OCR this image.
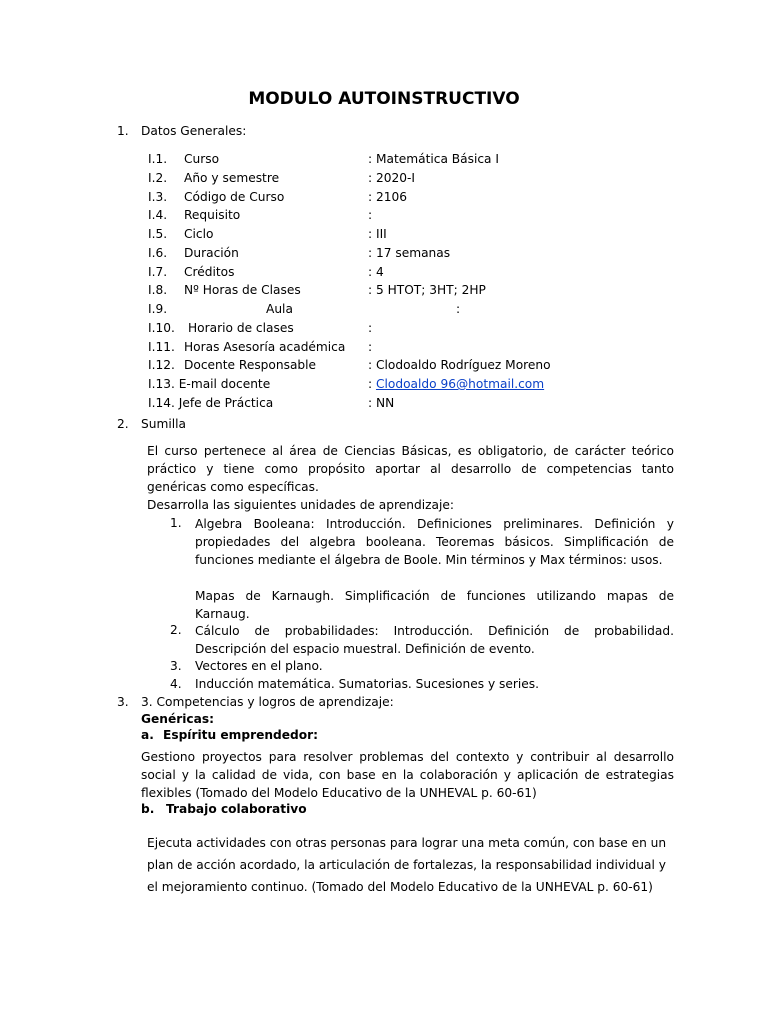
MODULO AUTOINSTRUCTIVO
1. Datos Generales:
I.1. Curso	: Matemática Básica I
I.2. Año y semestre	: 2020-I
I.3. Código de Curso	: 2106
I.4. Requisito	:
I.5. Ciclo	: III
I.6. Duración	: 17 semanas
I.7. Créditos	: 4
I.8. Nº Horas de Clases	: 5 HTOT; 3HT; 2HP
I.9.	Aula	:
I.10. Horario de clases	:
I.11. Horas Asesoría académica :
I.12. Docente Responsable	: Clodoaldo Rodríguez Moreno
I.13. E-mail docente	: Clodoaldo 96@hotmail.com
I.14. Jefe de Práctica	: NN
2. Sumilla
El curso pertenece al área de Ciencias Básicas, es obligatorio, de carácter teórico práctico y tiene como propósito aportar al desarrollo de competencias tanto genéricas como específicas.
Desarrolla las siguientes unidades de aprendizaje:
1. Algebra Booleana: Introducción. Definiciones preliminares. Definición y propiedades del algebra booleana. Teoremas básicos. Simplificación de funciones mediante el álgebra de Boole. Min términos y Max términos: usos.
Mapas de Karnaugh. Simplificación de funciones utilizando mapas de Karnaug.
2. Cálculo de probabilidades: Introducción. Definición de probabilidad. Descripción del espacio muestral. Definición de evento.
3. Vectores en el plano.
4. Inducción matemática. Sumatorias. Sucesiones y series.
3. 3. Competencias y logros de aprendizaje:
Genéricas:
a. Espíritu emprendedor:
Gestiono proyectos para resolver problemas del contexto y contribuir al desarrollo social y la calidad de vida, con base en la colaboración y aplicación de estrategias flexibles (Tomado del Modelo Educativo de la UNHEVAL p. 60-61)
b. Trabajo colaborativo
Ejecuta actividades con otras personas para lograr una meta común, con base en un plan de acción acordado, la articulación de fortalezas, la responsabilidad individual y el mejoramiento continuo. (Tomado del Modelo Educativo de la UNHEVAL p. 60-61)
